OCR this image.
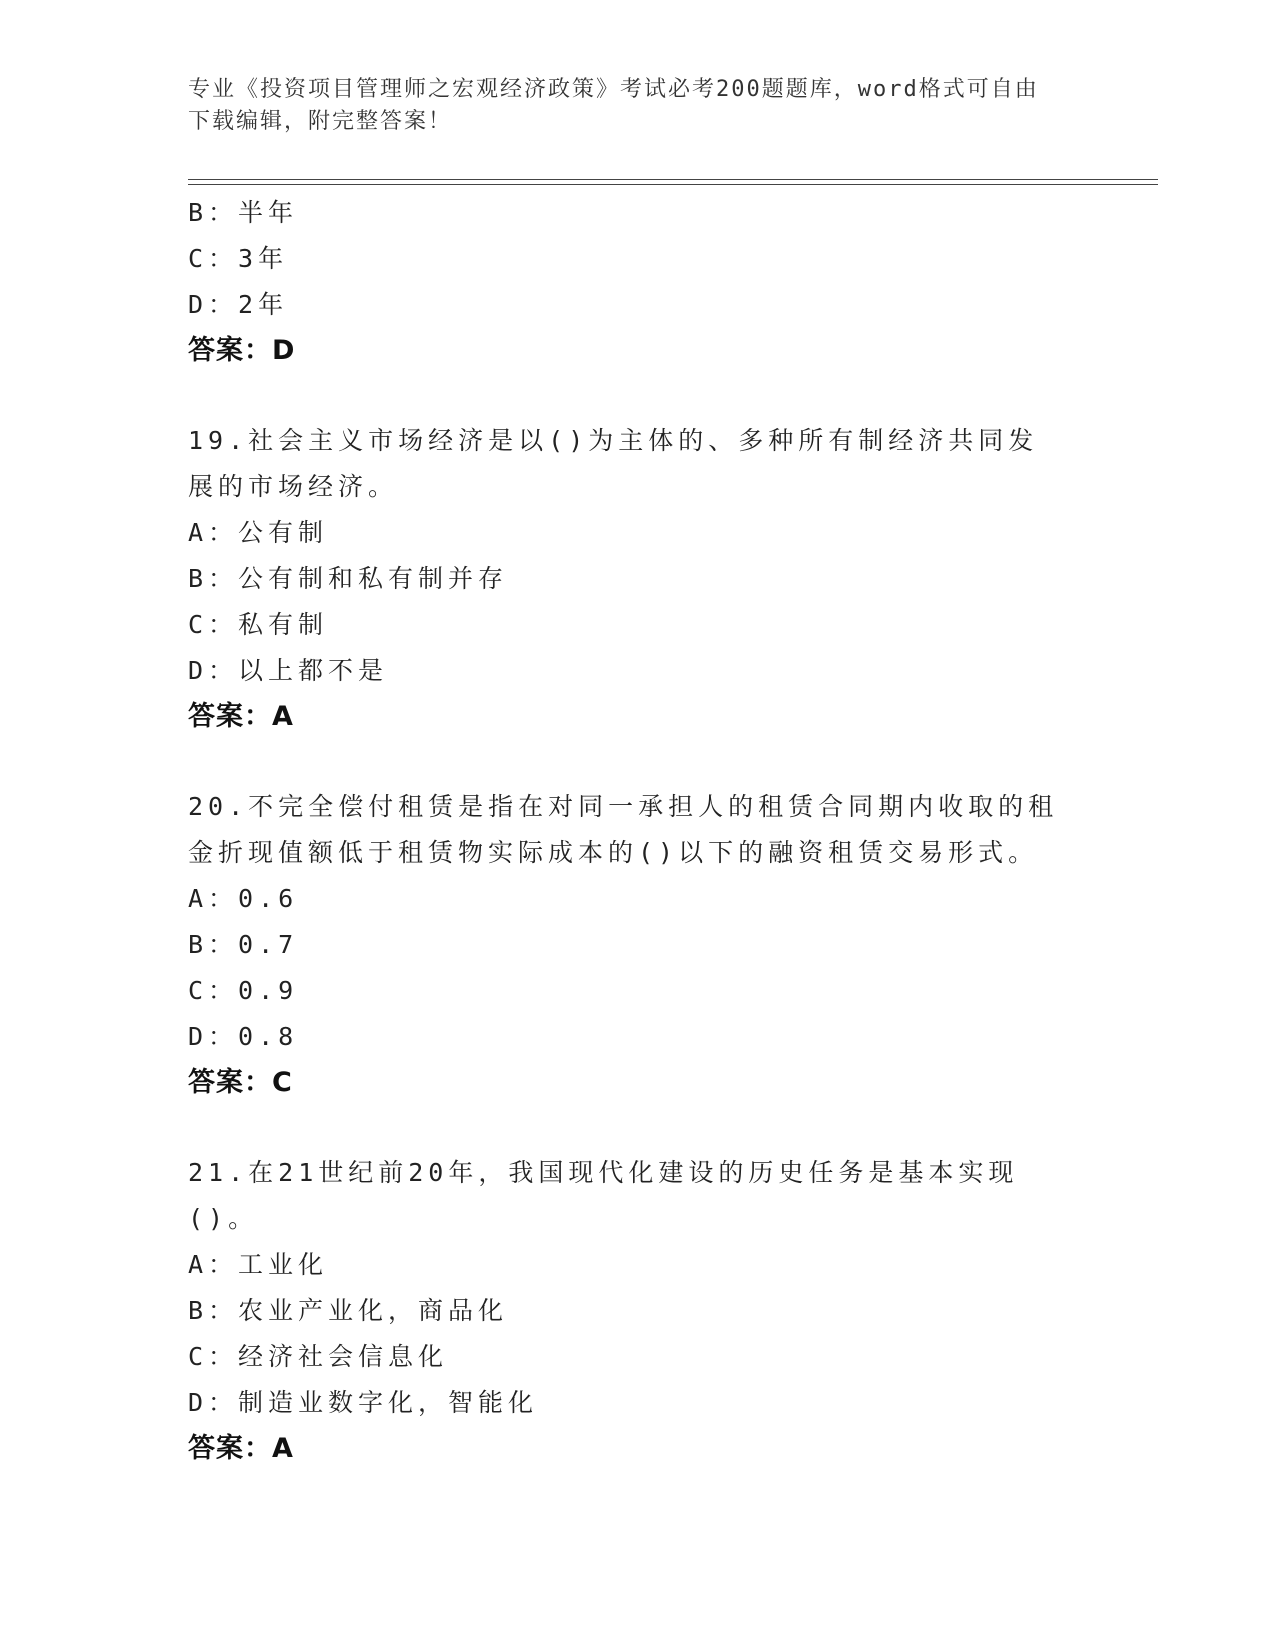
专业《投资项目管理师之宏观经济政策》考试必考200题题库，word格式可自由
下载编辑，附完整答案！
B：半年
C：3年
D：2年
答案：D
19.社会主义市场经济是以()为主体的、多种所有制经济共同发展的市场经济。
A：公有制
B：公有制和私有制并存
C：私有制
D：以上都不是
答案：A
20.不完全偿付租赁是指在对同一承担人的租赁合同期内收取的租金折现值额低于租赁物实际成本的()以下的融资租赁交易形式。
A：0.6
B：0.7
C：0.9
D：0.8
答案：C
21.在21世纪前20年，我国现代化建设的历史任务是基本实现()。
A：工业化
B：农业产业化，商品化
C：经济社会信息化
D：制造业数字化，智能化
答案：A
